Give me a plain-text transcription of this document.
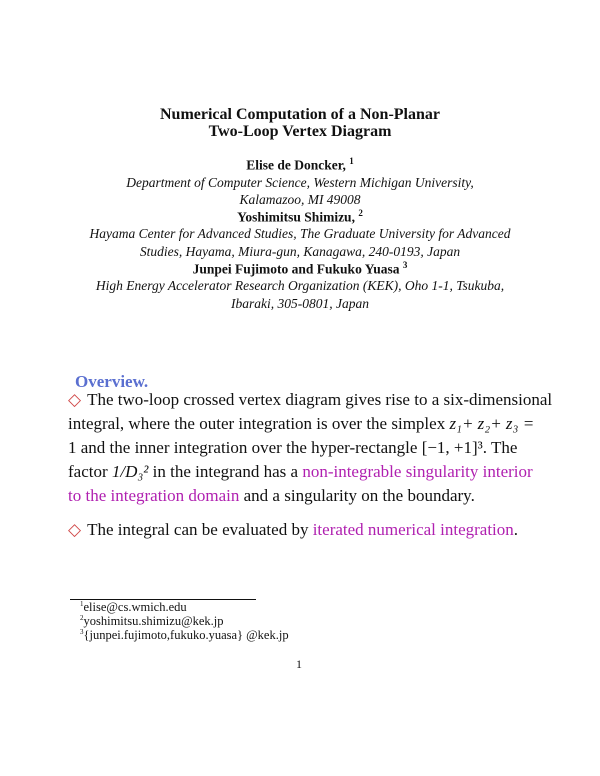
Numerical Computation of a Non-Planar
Two-Loop Vertex Diagram
Elise de Doncker, $^1$
Department of Computer Science, Western Michigan University,
Kalamazoo, MI 49008
Yoshimitsu Shimizu, $^2$
Hayama Center for Advanced Studies, The Graduate University for Advanced
Studies, Hayama, Miura-gun, Kanagawa, 240-0193, Japan
Junpei Fujimoto and Fukuko Yuasa $^3$
High Energy Accelerator Research Organization (KEK), Oho 1-1, Tsukuba,
Ibaraki, 305-0801, Japan
Overview.
◇ The two-loop crossed vertex diagram gives rise to a six-dimensional
integral, where the outer integration is over the simplex z₁+ z₂+ z₃ =
1 and the inner integration over the hyper-rectangle [−1, +1]³. The
factor 1/D₃² in the integrand has a non-integrable singularity interior
to the integration domain and a singularity on the boundary.
◇ The integral can be evaluated by iterated numerical integration.
$^1$elise@cs.wmich.edu
$^2$yoshimitsu.shimizu@kek.jp
$^3${junpei.fujimoto,fukuko.yuasa} @kek.jp
1
